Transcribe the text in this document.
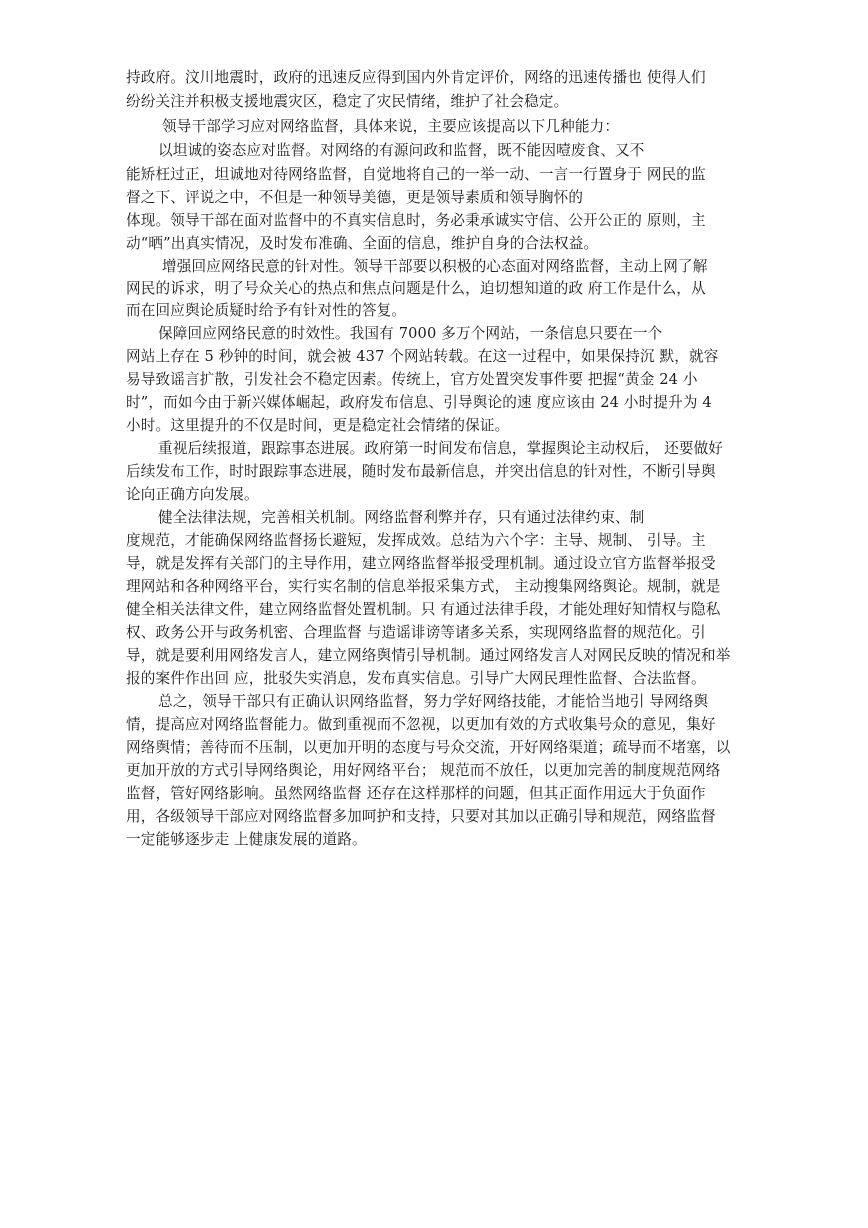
持政府。汶川地震时，政府的迅速反应得到国内外肯定评价，网络的迅速传播也 使得人们
纷纷关注并积极支援地震灾区，稳定了灾民情绪，维护了社会稳定。
领导干部学习应对网络监督，具体来说，主要应该提高以下几种能力：
以坦诚的姿态应对监督。对网络的有源问政和监督，既不能因噎废食、又不
能矫枉过正，坦诚地对待网络监督，自觉地将自己的一举一动、一言一行置身于 网民的监
督之下、评说之中，不但是一种领导美德，更是领导素质和领导胸怀的
体现。领导干部在面对监督中的不真实信息时，务必秉承诚实守信、公开公正的 原则，主
动“晒”出真实情况，及时发布准确、全面的信息，维护自身的合法权益。
增强回应网络民意的针对性。领导干部要以积极的心态面对网络监督，主动上网了解
网民的诉求，明了号众关心的热点和焦点问题是什么，迫切想知道的政 府工作是什么，从
而在回应舆论质疑时给予有针对性的答复。
保障回应网络民意的时效性。我国有 7000 多万个网站，一条信息只要在一个
网站上存在 5 秒钟的时间，就会被 437 个网站转载。在这一过程中，如果保持沉 默，就容
易导致谣言扩散，引发社会不稳定因素。传统上，官方处置突发事件要 把握“黄金 24 小
时”，而如今由于新兴媒体崛起，政府发布信息、引导舆论的速 度应该由 24 小时提升为 4
小时。这里提升的不仅是时间，更是稳定社会情绪的保证。
重视后续报道，跟踪事态进展。政府第一时间发布信息，掌握舆论主动权后， 还要做好
后续发布工作，时时跟踪事态进展，随时发布最新信息，并突出信息的针对性，不断引导舆
论向正确方向发展。
健全法律法规，完善相关机制。网络监督利弊并存，只有通过法律约束、制
度规范，才能确保网络监督扬长避短，发挥成效。总结为六个字：主导、规制、 引导。主
导，就是发挥有关部门的主导作用，建立网络监督举报受理机制。通过设立官方监督举报受
理网站和各种网络平台，实行实名制的信息举报采集方式， 主动搜集网络舆论。规制，就是
健全相关法律文件，建立网络监督处置机制。只 有通过法律手段，才能处理好知情权与隐私
权、政务公开与政务机密、合理监督 与造谣诽谤等诸多关系，实现网络监督的规范化。引
导，就是要利用网络发言人，建立网络舆情引导机制。通过网络发言人对网民反映的情况和举
报的案件作出回 应，批驳失实消息，发布真实信息。引导广大网民理性监督、合法监督。
总之，领导干部只有正确认识网络监督，努力学好网络技能，才能恰当地引 导网络舆
情，提高应对网络监督能力。做到重视而不忽视，以更加有效的方式收集号众的意见，集好
网络舆情；善待而不压制，以更加开明的态度与号众交流，开好网络渠道；疏导而不堵塞，以
更加开放的方式引导网络舆论，用好网络平台； 规范而不放任，以更加完善的制度规范网络
监督，管好网络影响。虽然网络监督 还存在这样那样的问题，但其正面作用远大于负面作
用，各级领导干部应对网络监督多加呵护和支持，只要对其加以正确引导和规范，网络监督
一定能够逐步走 上健康发展的道路。
